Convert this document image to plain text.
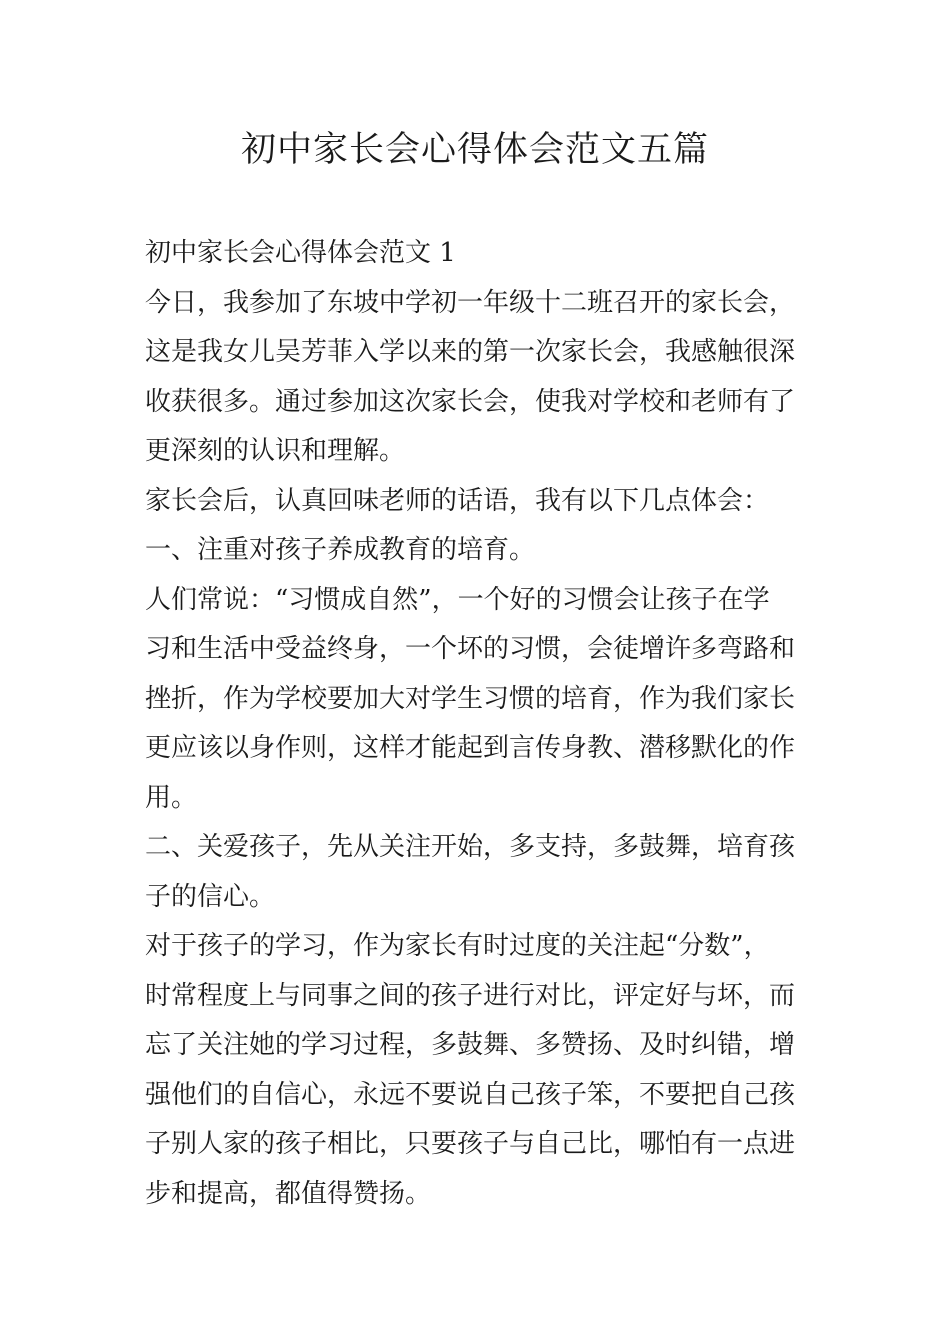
初中家长会心得体会范文五篇

初中家长会心得体会范文 1

今日，我参加了东坡中学初一年级十二班召开的家长会，

这是我女儿吴芳菲入学以来的第一次家长会，我感触很深

收获很多。通过参加这次家长会，使我对学校和老师有了

更深刻的认识和理解。

家长会后，认真回味老师的话语，我有以下几点体会：

一、注重对孩子养成教育的培育。

人们常说：“习惯成自然”，一个好的习惯会让孩子在学

习和生活中受益终身，一个坏的习惯，会徒增许多弯路和

挫折，作为学校要加大对学生习惯的培育，作为我们家长

更应该以身作则，这样才能起到言传身教、潜移默化的作

用。

二、关爱孩子，先从关注开始，多支持，多鼓舞，培育孩

子的信心。

对于孩子的学习，作为家长有时过度的关注起“分数”，

时常程度上与同事之间的孩子进行对比，评定好与坏，而

忘了关注她的学习过程，多鼓舞、多赞扬、及时纠错，增

强他们的自信心，永远不要说自己孩子笨，不要把自己孩

子别人家的孩子相比，只要孩子与自己比，哪怕有一点进

步和提高，都值得赞扬。
